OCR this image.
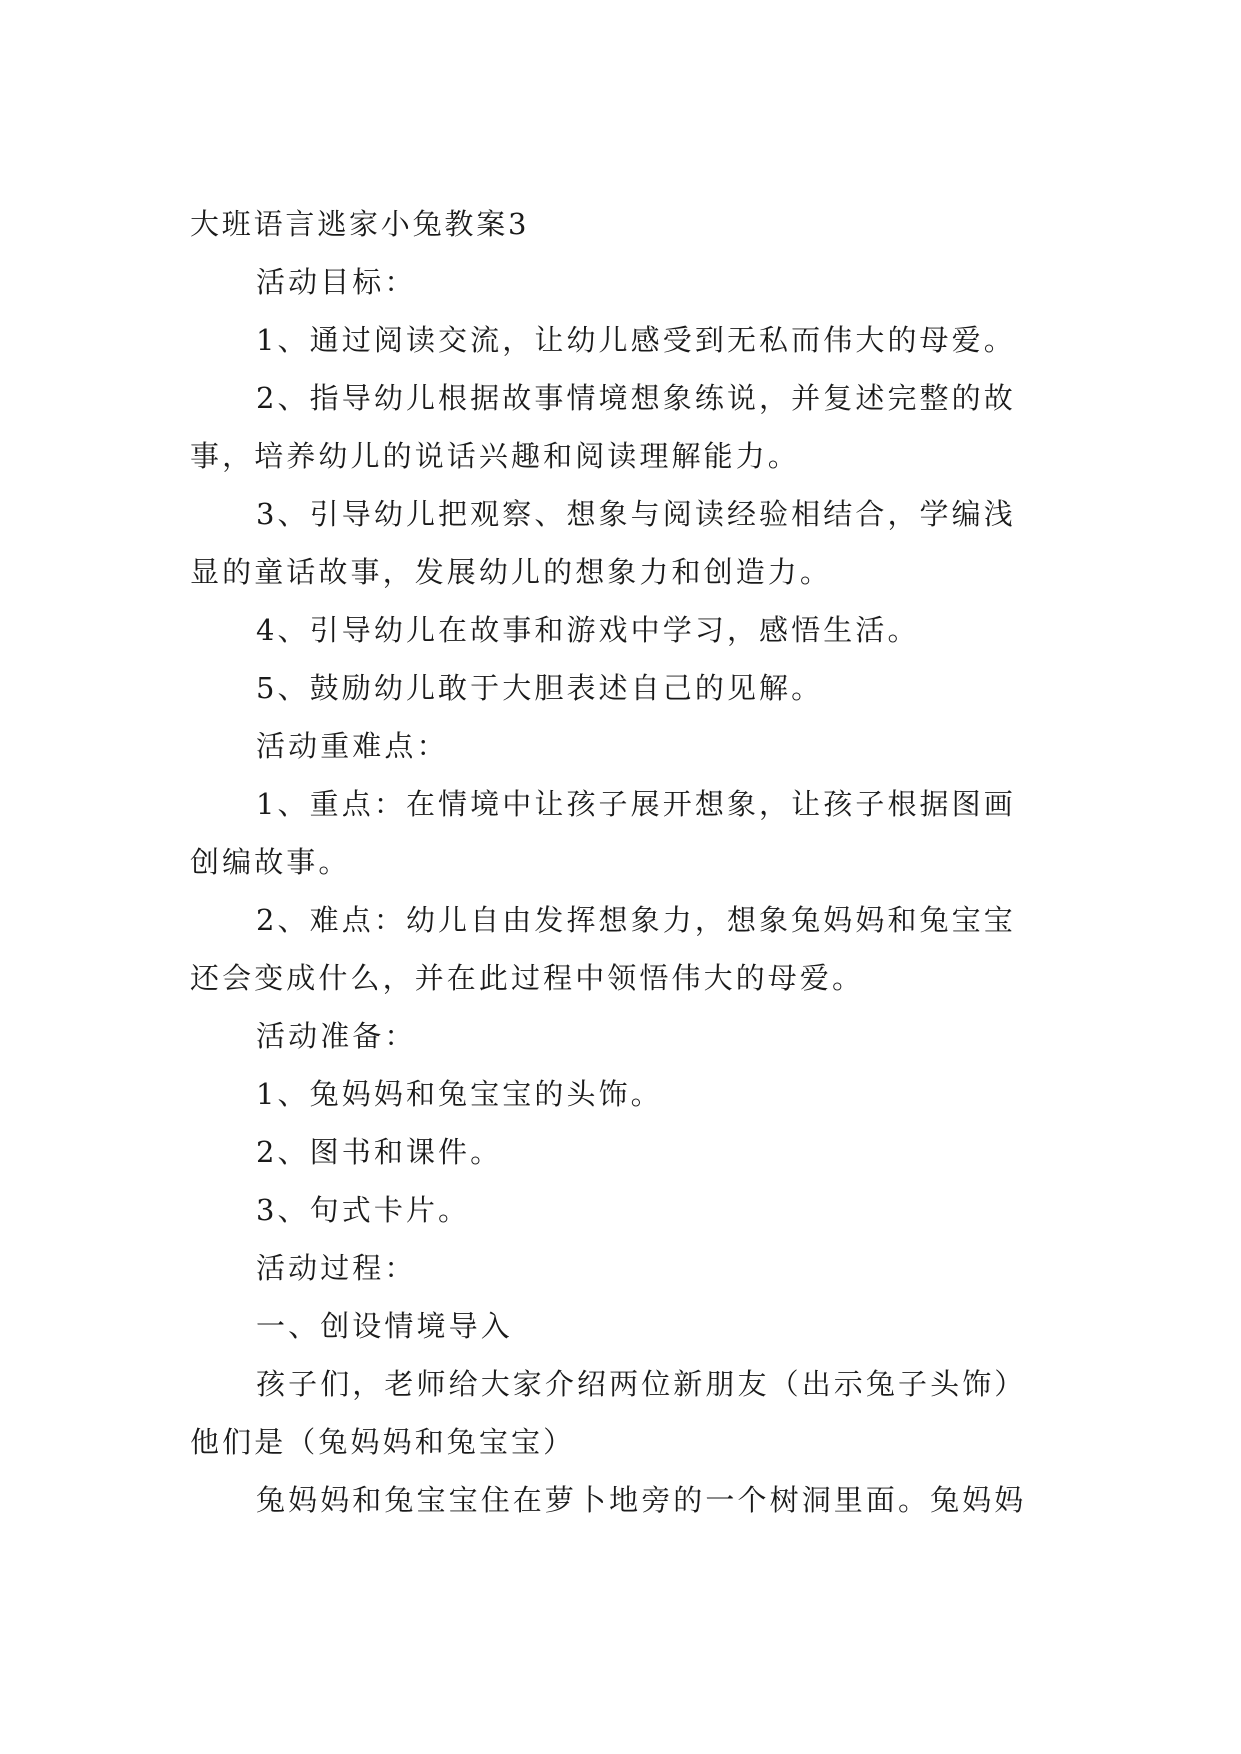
大班语言逃家小兔教案3
活动目标：
1、通过阅读交流，让幼儿感受到无私而伟大的母爱。
2、指导幼儿根据故事情境想象练说，并复述完整的故
事，培养幼儿的说话兴趣和阅读理解能力。
3、引导幼儿把观察、想象与阅读经验相结合，学编浅
显的童话故事，发展幼儿的想象力和创造力。
4、引导幼儿在故事和游戏中学习，感悟生活。
5、鼓励幼儿敢于大胆表述自己的见解。
活动重难点：
1、重点：在情境中让孩子展开想象，让孩子根据图画
创编故事。
2、难点：幼儿自由发挥想象力，想象兔妈妈和兔宝宝
还会变成什么，并在此过程中领悟伟大的母爱。
活动准备：
1、兔妈妈和兔宝宝的头饰。
2、图书和课件。
3、句式卡片。
活动过程：
一、创设情境导入
孩子们，老师给大家介绍两位新朋友（出示兔子头饰）
他们是（兔妈妈和兔宝宝）
兔妈妈和兔宝宝住在萝卜地旁的一个树洞里面。兔妈妈
